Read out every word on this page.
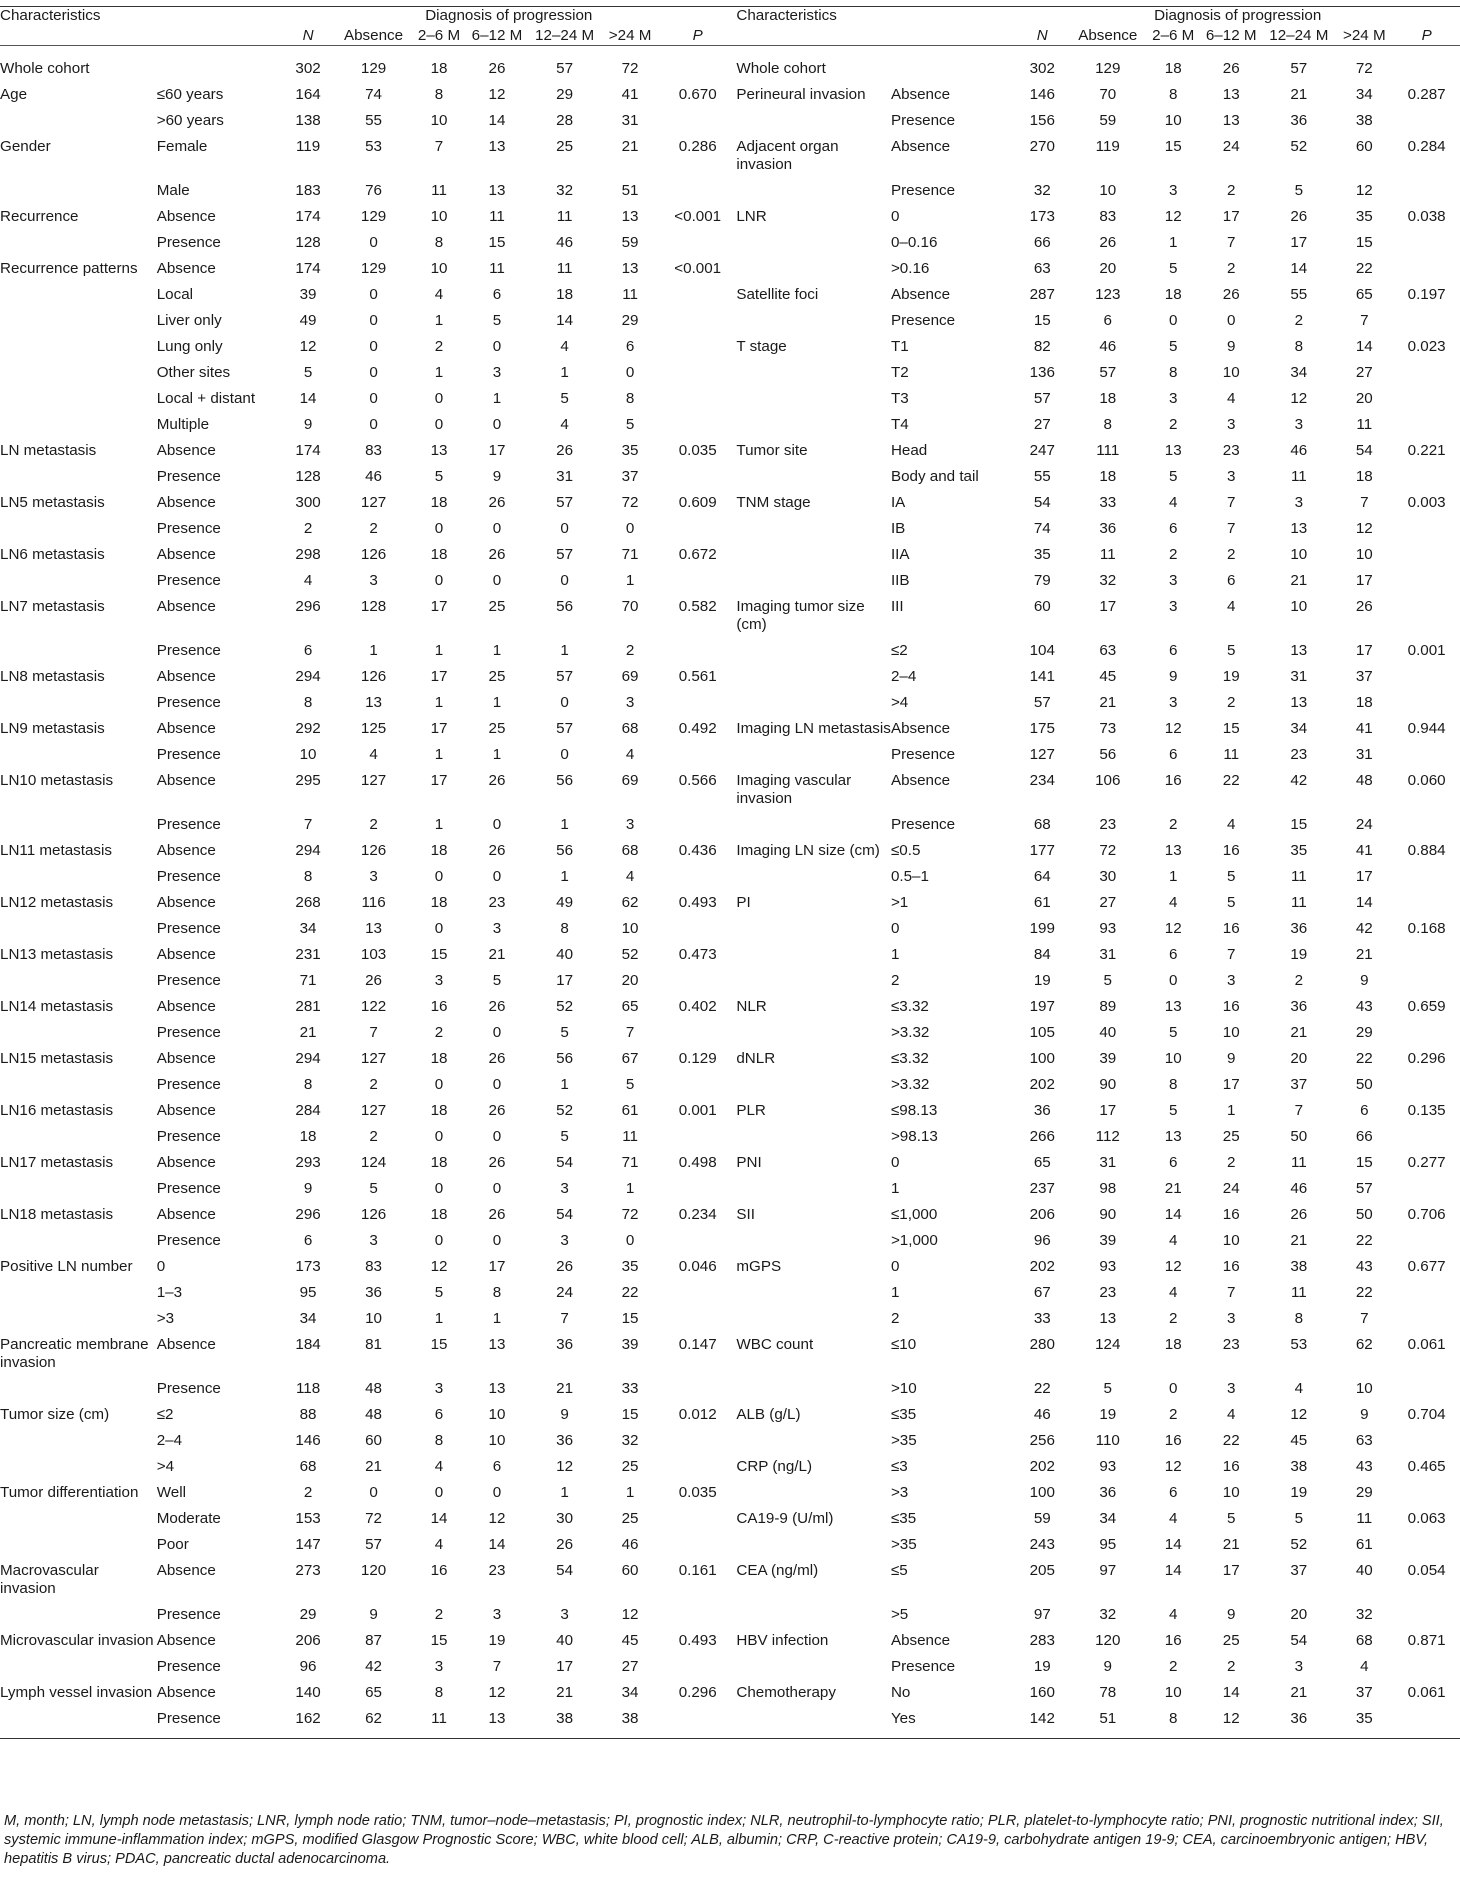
Characteristics		Diagnosis of progression							Characteristics		Diagnosis of progression						
		N	Absence	2–6 M	6–12 M	12–24 M	>24 M	P			N	Absence	2–6 M	6–12 M	12–24 M	>24 M	P
Whole cohort		302	129	18	26	57	72		Whole cohort		302	129	18	26	57	72	
Age	≤60 years	164	74	8	12	29	41	0.670	Perineural invasion	Absence	146	70	8	13	21	34	0.287
	>60 years	138	55	10	14	28	31			Presence	156	59	10	13	36	38	
Gender	Female	119	53	7	13	25	21	0.286	Adjacent organ invasion	Absence	270	119	15	24	52	60	0.284
	Male	183	76	11	13	32	51			Presence	32	10	3	2	5	12	
Recurrence	Absence	174	129	10	11	11	13	<0.001	LNR	0	173	83	12	17	26	35	0.038
	Presence	128	0	8	15	46	59			0–0.16	66	26	1	7	17	15	
Recurrence patterns	Absence	174	129	10	11	11	13	<0.001		>0.16	63	20	5	2	14	22	
	Local	39	0	4	6	18	11		Satellite foci	Absence	287	123	18	26	55	65	0.197
	Liver only	49	0	1	5	14	29			Presence	15	6	0	0	2	7	
	Lung only	12	0	2	0	4	6		T stage	T1	82	46	5	9	8	14	0.023
	Other sites	5	0	1	3	1	0			T2	136	57	8	10	34	27	
	Local + distant	14	0	0	1	5	8			T3	57	18	3	4	12	20	
	Multiple	9	0	0	0	4	5			T4	27	8	2	3	3	11	
LN metastasis	Absence	174	83	13	17	26	35	0.035	Tumor site	Head	247	111	13	23	46	54	0.221
	Presence	128	46	5	9	31	37			Body and tail	55	18	5	3	11	18	
LN5 metastasis	Absence	300	127	18	26	57	72	0.609	TNM stage	IA	54	33	4	7	3	7	0.003
	Presence	2	2	0	0	0	0			IB	74	36	6	7	13	12	
LN6 metastasis	Absence	298	126	18	26	57	71	0.672		IIA	35	11	2	2	10	10	
	Presence	4	3	0	0	0	1			IIB	79	32	3	6	21	17	
LN7 metastasis	Absence	296	128	17	25	56	70	0.582	Imaging tumor size (cm)	III	60	17	3	4	10	26	
	Presence	6	1	1	1	1	2			≤2	104	63	6	5	13	17	0.001
LN8 metastasis	Absence	294	126	17	25	57	69	0.561		2–4	141	45	9	19	31	37	
	Presence	8	13	1	1	0	3			>4	57	21	3	2	13	18	
LN9 metastasis	Absence	292	125	17	25	57	68	0.492	Imaging LN metastasis	Absence	175	73	12	15	34	41	0.944
	Presence	10	4	1	1	0	4			Presence	127	56	6	11	23	31	
LN10 metastasis	Absence	295	127	17	26	56	69	0.566	Imaging vascular invasion	Absence	234	106	16	22	42	48	0.060
	Presence	7	2	1	0	1	3			Presence	68	23	2	4	15	24	
LN11 metastasis	Absence	294	126	18	26	56	68	0.436	Imaging LN size (cm)	≤0.5	177	72	13	16	35	41	0.884
	Presence	8	3	0	0	1	4			0.5–1	64	30	1	5	11	17	
LN12 metastasis	Absence	268	116	18	23	49	62	0.493	PI	>1	61	27	4	5	11	14	
	Presence	34	13	0	3	8	10			0	199	93	12	16	36	42	0.168
LN13 metastasis	Absence	231	103	15	21	40	52	0.473		1	84	31	6	7	19	21	
	Presence	71	26	3	5	17	20			2	19	5	0	3	2	9	
LN14 metastasis	Absence	281	122	16	26	52	65	0.402	NLR	≤3.32	197	89	13	16	36	43	0.659
	Presence	21	7	2	0	5	7			>3.32	105	40	5	10	21	29	
LN15 metastasis	Absence	294	127	18	26	56	67	0.129	dNLR	≤3.32	100	39	10	9	20	22	0.296
	Presence	8	2	0	0	1	5			>3.32	202	90	8	17	37	50	
LN16 metastasis	Absence	284	127	18	26	52	61	0.001	PLR	≤98.13	36	17	5	1	7	6	0.135
	Presence	18	2	0	0	5	11			>98.13	266	112	13	25	50	66	
LN17 metastasis	Absence	293	124	18	26	54	71	0.498	PNI	0	65	31	6	2	11	15	0.277
	Presence	9	5	0	0	3	1			1	237	98	21	24	46	57	
LN18 metastasis	Absence	296	126	18	26	54	72	0.234	SII	≤1,000	206	90	14	16	26	50	0.706
	Presence	6	3	0	0	3	0			>1,000	96	39	4	10	21	22	
Positive LN number	0	173	83	12	17	26	35	0.046	mGPS	0	202	93	12	16	38	43	0.677
	1–3	95	36	5	8	24	22			1	67	23	4	7	11	22	
	>3	34	10	1	1	7	15			2	33	13	2	3	8	7	
Pancreatic membrane invasion	Absence	184	81	15	13	36	39	0.147	WBC count	≤10	280	124	18	23	53	62	0.061
	Presence	118	48	3	13	21	33			>10	22	5	0	3	4	10	
Tumor size (cm)	≤2	88	48	6	10	9	15	0.012	ALB (g/L)	≤35	46	19	2	4	12	9	0.704
	2–4	146	60	8	10	36	32			>35	256	110	16	22	45	63	
	>4	68	21	4	6	12	25		CRP (ng/L)	≤3	202	93	12	16	38	43	0.465
Tumor differentiation	Well	2	0	0	0	1	1	0.035		>3	100	36	6	10	19	29	
	Moderate	153	72	14	12	30	25		CA19-9 (U/ml)	≤35	59	34	4	5	5	11	0.063
	Poor	147	57	4	14	26	46			>35	243	95	14	21	52	61	
Macrovascular invasion	Absence	273	120	16	23	54	60	0.161	CEA (ng/ml)	≤5	205	97	14	17	37	40	0.054
	Presence	29	9	2	3	3	12			>5	97	32	4	9	20	32	
Microvascular invasion	Absence	206	87	15	19	40	45	0.493	HBV infection	Absence	283	120	16	25	54	68	0.871
	Presence	96	42	3	7	17	27			Presence	19	9	2	2	3	4	
Lymph vessel invasion	Absence	140	65	8	12	21	34	0.296	Chemotherapy	No	160	78	10	14	21	37	0.061
	Presence	162	62	11	13	38	38			Yes	142	51	8	12	36	35	
M, month; LN, lymph node metastasis; LNR, lymph node ratio; TNM, tumor–node–metastasis; PI, prognostic index; NLR, neutrophil-to-lymphocyte ratio; PLR, platelet-to-lymphocyte ratio; PNI, prognostic nutritional index; SII, systemic immune-inflammation index; mGPS, modified Glasgow Prognostic Score; WBC, white blood cell; ALB, albumin; CRP, C-reactive protein; CA19-9, carbohydrate antigen 19-9; CEA, carcinoembryonic antigen; HBV, hepatitis B virus; PDAC, pancreatic ductal adenocarcinoma.
